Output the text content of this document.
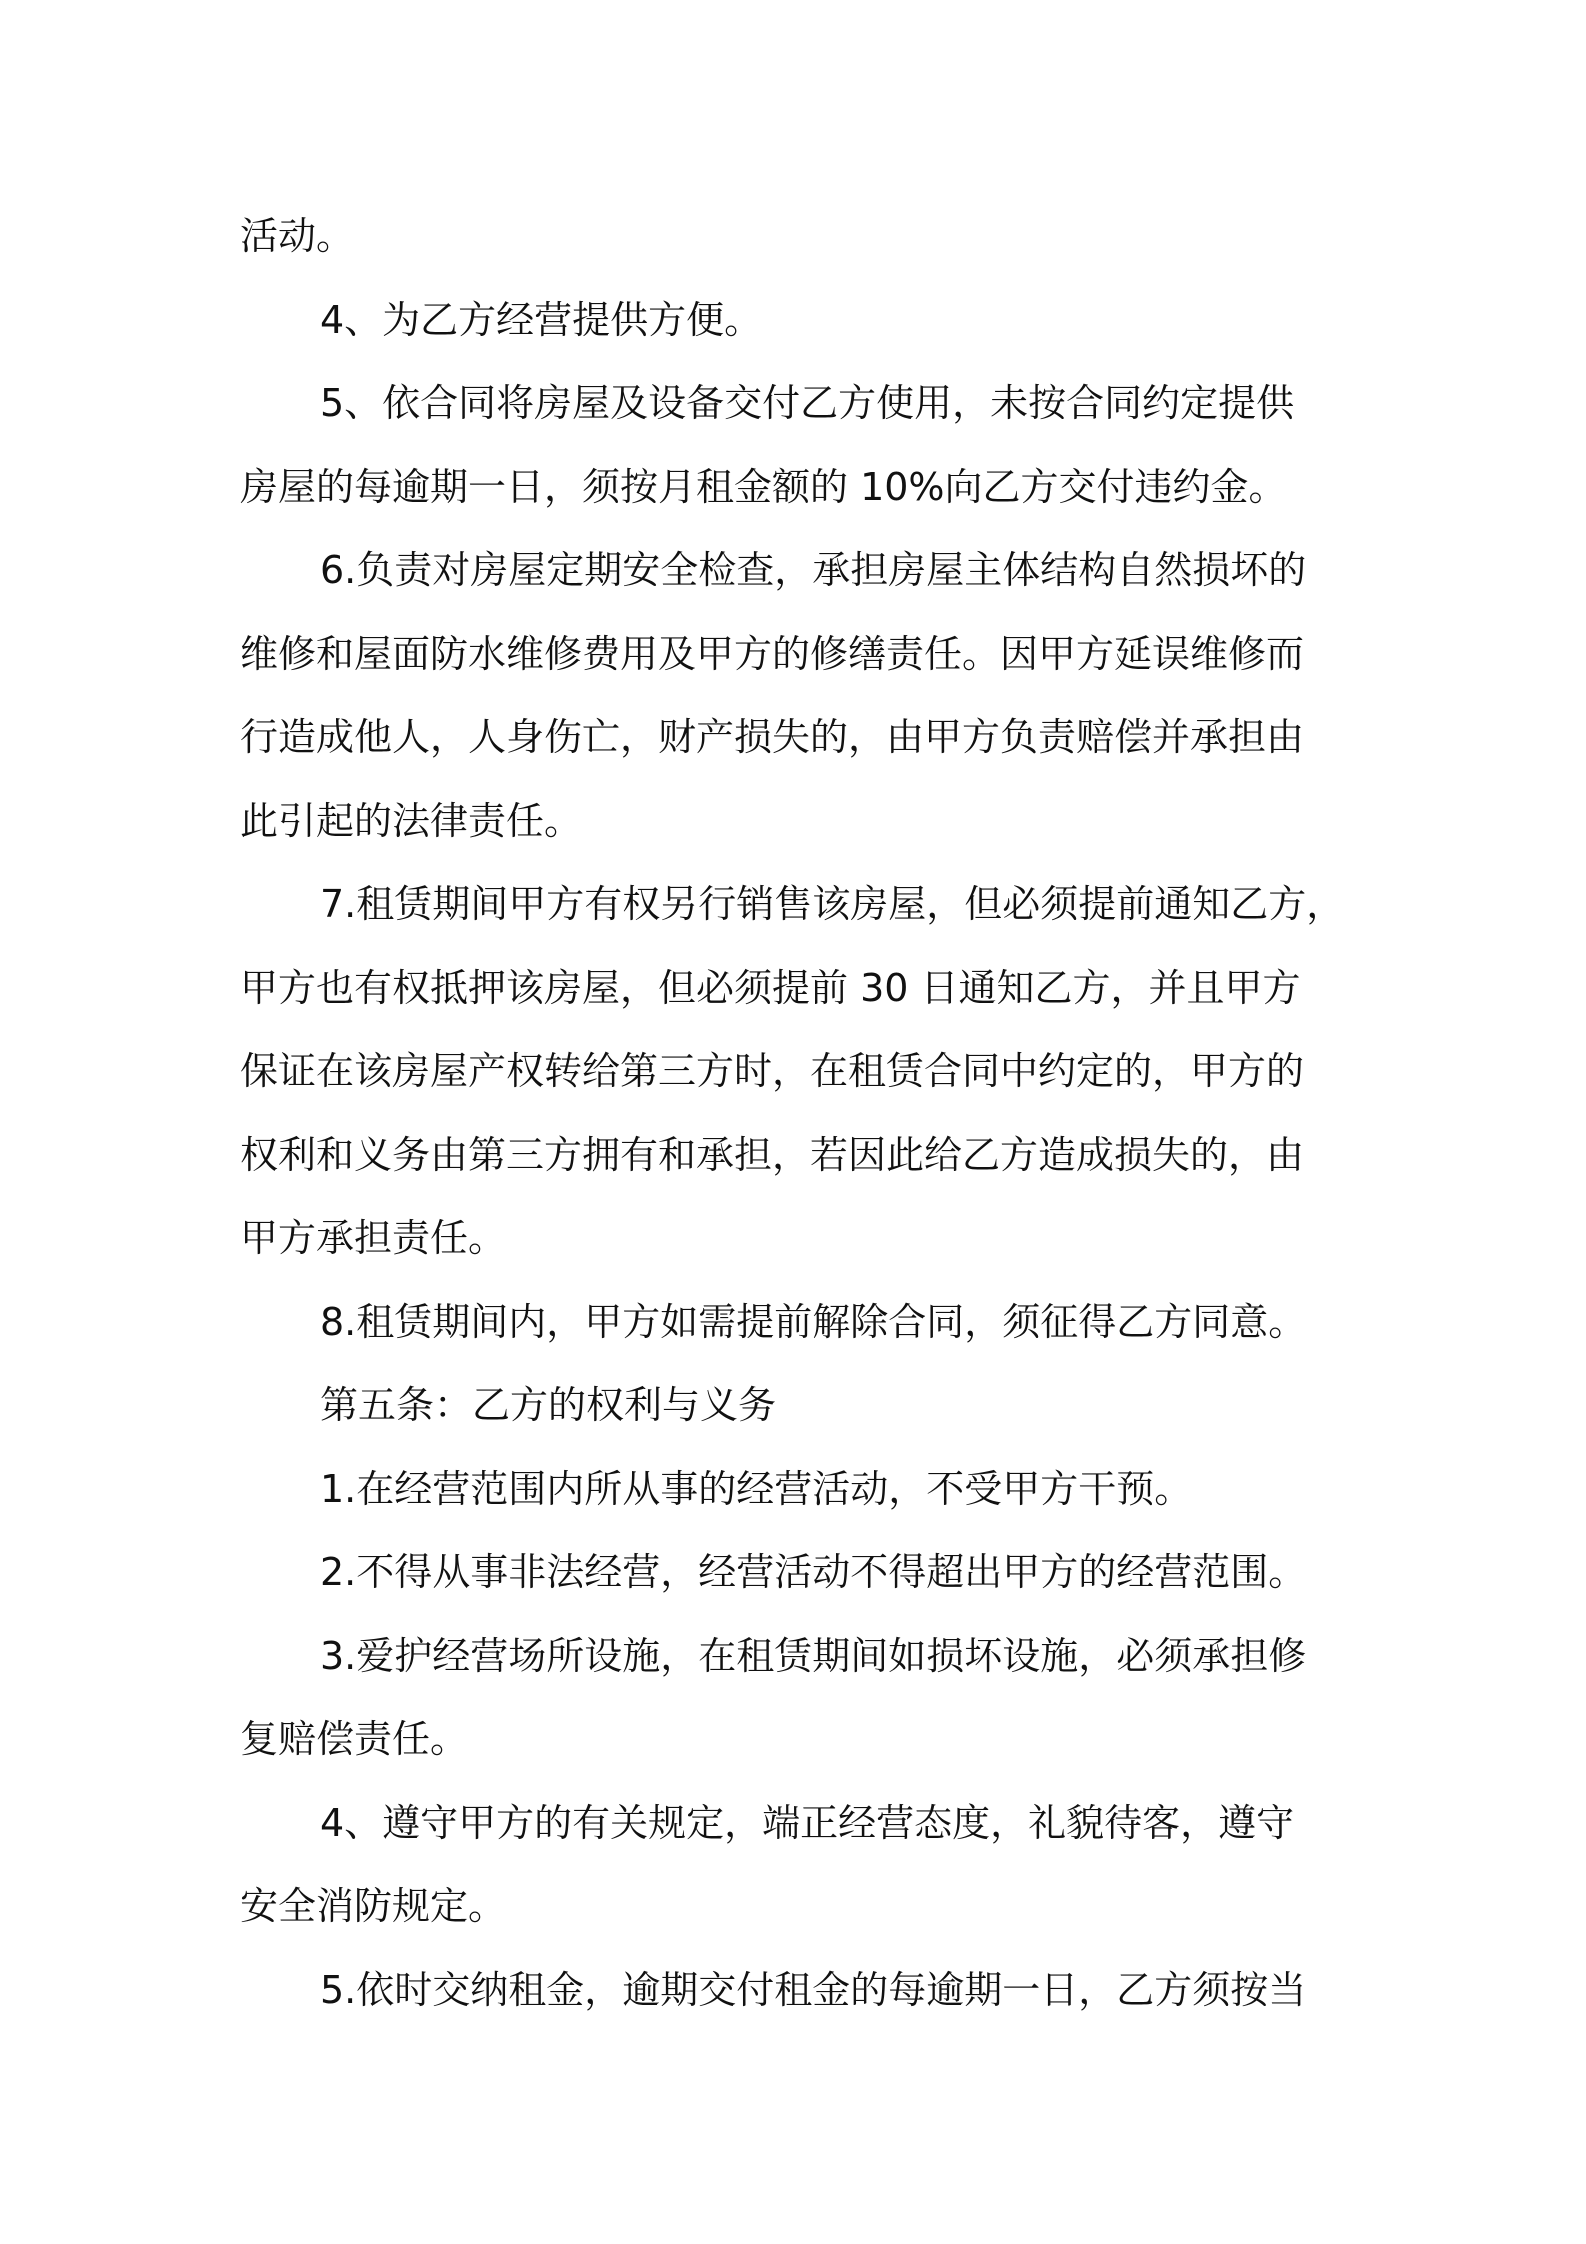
活动。
4、为乙方经营提供方便。
5、依合同将房屋及设备交付乙方使用，未按合同约定提供
房屋的每逾期一日，须按月租金额的 10%向乙方交付违约金。
6.负责对房屋定期安全检查，承担房屋主体结构自然损坏的
维修和屋面防水维修费用及甲方的修缮责任。因甲方延误维修而
行造成他人，人身伤亡，财产损失的，由甲方负责赔偿并承担由
此引起的法律责任。
7.租赁期间甲方有权另行销售该房屋，但必须提前通知乙方，
甲方也有权抵押该房屋，但必须提前 30 日通知乙方，并且甲方
保证在该房屋产权转给第三方时，在租赁合同中约定的，甲方的
权利和义务由第三方拥有和承担，若因此给乙方造成损失的，由
甲方承担责任。
8.租赁期间内，甲方如需提前解除合同，须征得乙方同意。
第五条：乙方的权利与义务
1.在经营范围内所从事的经营活动，不受甲方干预。
2.不得从事非法经营，经营活动不得超出甲方的经营范围。
3.爱护经营场所设施，在租赁期间如损坏设施，必须承担修
复赔偿责任。
4、遵守甲方的有关规定，端正经营态度，礼貌待客，遵守
安全消防规定。
5.依时交纳租金，逾期交付租金的每逾期一日，乙方须按当
